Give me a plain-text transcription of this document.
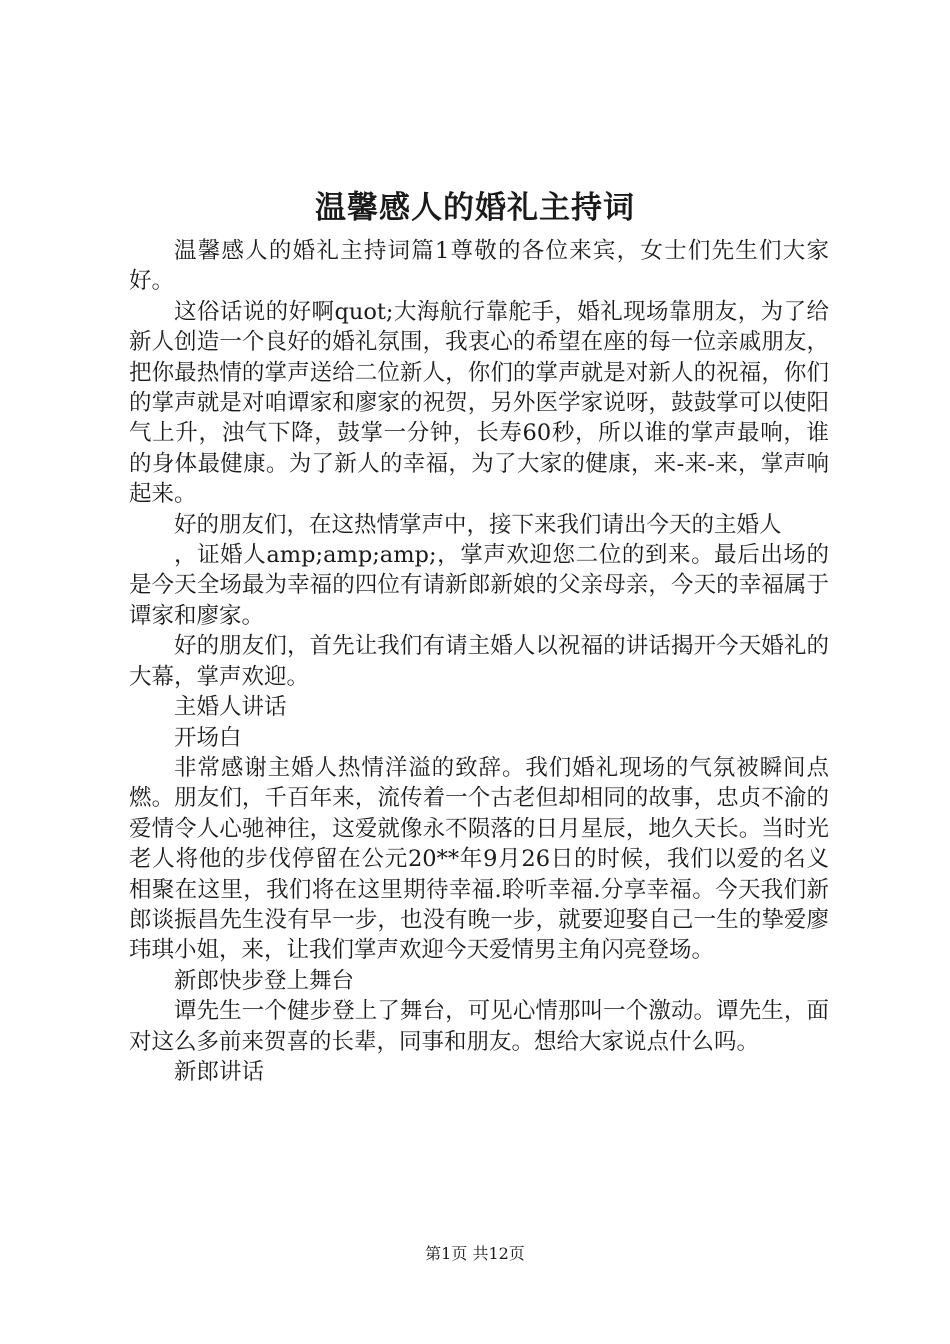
温馨感人的婚礼主持词

温馨感人的婚礼主持词篇1尊敬的各位来宾，女士们先生们大家好。

这俗话说的好啊quot;大海航行靠舵手，婚礼现场靠朋友，为了给新人创造一个良好的婚礼氛围，我衷心的希望在座的每一位亲戚朋友，把你最热情的掌声送给二位新人，你们的掌声就是对新人的祝福，你们的掌声就是对咱谭家和廖家的祝贺，另外医学家说呀，鼓鼓掌可以使阳气上升，浊气下降，鼓掌一分钟，长寿60秒，所以谁的掌声最响，谁的身体最健康。为了新人的幸福，为了大家的健康，来-来-来，掌声响起来。

好的朋友们，在这热情掌声中，接下来我们请出今天的主婚人

，证婚人amp;amp;amp;，掌声欢迎您二位的到来。最后出场的是今天全场最为幸福的四位有请新郎新娘的父亲母亲，今天的幸福属于谭家和廖家。

好的朋友们，首先让我们有请主婚人以祝福的讲话揭开今天婚礼的大幕，掌声欢迎。

主婚人讲话

开场白

非常感谢主婚人热情洋溢的致辞。我们婚礼现场的气氛被瞬间点燃。朋友们，千百年来，流传着一个古老但却相同的故事，忠贞不渝的爱情令人心驰神往，这爱就像永不陨落的日月星辰，地久天长。当时光老人将他的步伐停留在公元20**年9月26日的时候，我们以爱的名义相聚在这里，我们将在这里期待幸福.聆听幸福.分享幸福。今天我们新郎谈振昌先生没有早一步，也没有晚一步，就要迎娶自己一生的挚爱廖玮琪小姐，来，让我们掌声欢迎今天爱情男主角闪亮登场。

新郎快步登上舞台

谭先生一个健步登上了舞台，可见心情那叫一个激动。谭先生，面对这么多前来贺喜的长辈，同事和朋友。想给大家说点什么吗。

新郎讲话

第1页 共12页
